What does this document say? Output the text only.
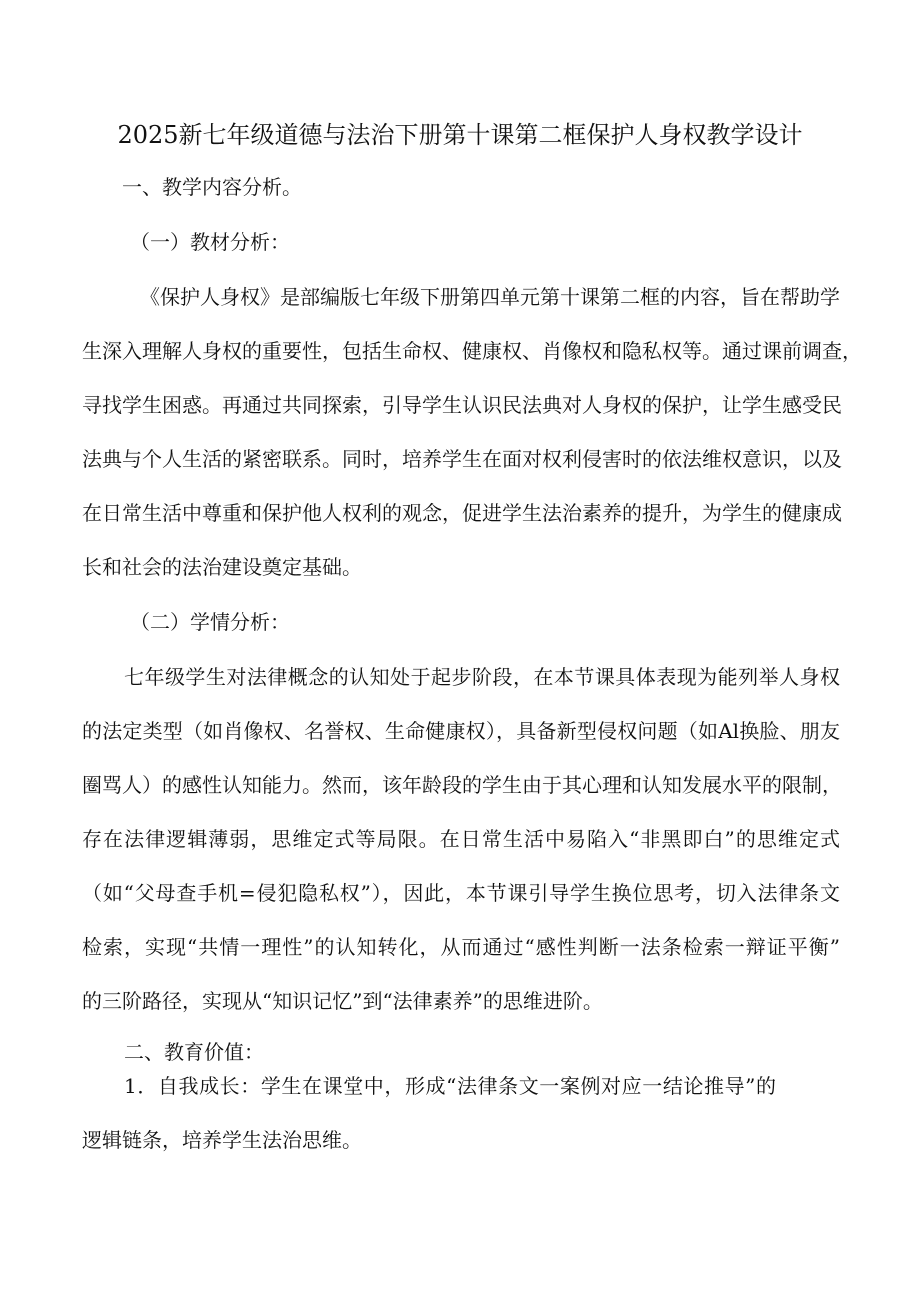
2025新七年级道德与法治下册第十课第二框保护人身权教学设计
一、教学内容分析。
（一）教材分析：
《保护人身权》是部编版七年级下册第四单元第十课第二框的内容，旨在帮助学
生深入理解人身权的重要性，包括生命权、健康权、肖像权和隐私权等。通过课前调查，
寻找学生困惑。再通过共同探索，引导学生认识民法典对人身权的保护，让学生感受民
法典与个人生活的紧密联系。同时，培养学生在面对权利侵害时的依法维权意识，以及
在日常生活中尊重和保护他人权利的观念，促进学生法治素养的提升，为学生的健康成
长和社会的法治建设奠定基础。
（二）学情分析：
七年级学生对法律概念的认知处于起步阶段，在本节课具体表现为能列举人身权
的法定类型（如肖像权、名誉权、生命健康权），具备新型侵权问题（如Al换脸、朋友
圈骂人）的感性认知能力。然而，该年龄段的学生由于其心理和认知发展水平的限制，
存在法律逻辑薄弱，思维定式等局限。在日常生活中易陷入“非黑即白”的思维定式
（如“父母查手机=侵犯隐私权”），因此，本节课引导学生换位思考，切入法律条文
检索，实现“共情一理性”的认知转化，从而通过“感性判断一法条检索一辩证平衡”
的三阶路径，实现从“知识记忆”到“法律素养”的思维进阶。
二、教育价值：
1．自我成长：学生在课堂中，形成“法律条文一案例对应一结论推导”的
逻辑链条，培养学生法治思维。
